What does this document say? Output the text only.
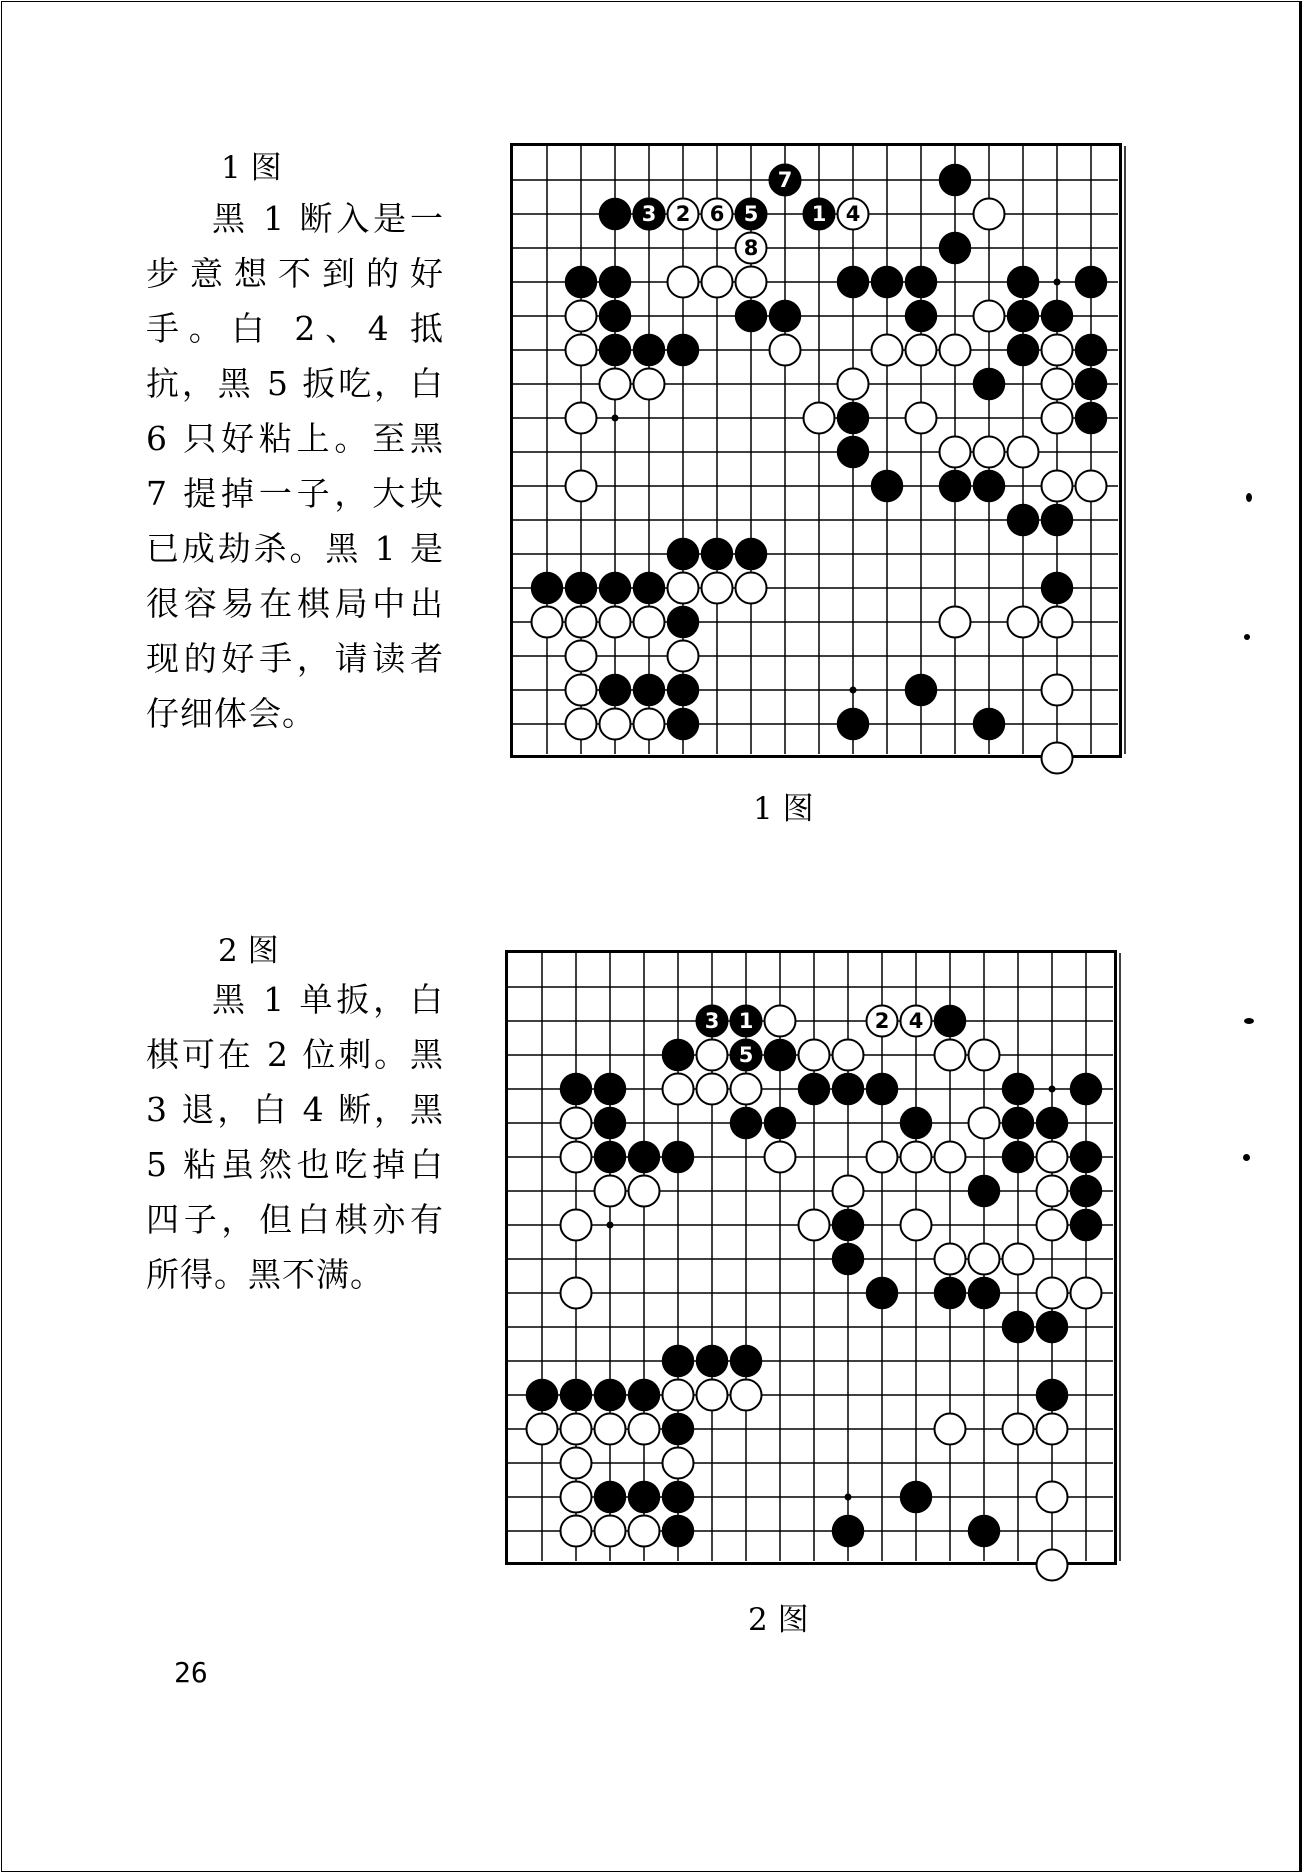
1 图
黑 1 断入是一步意想不到的好手。白 2、4 抵抗，黑 5 扳吃，白 6 只好粘上。至黑 7 提掉一子，大块已成劫杀。黑 1 是很容易在棋局中出现的好手，请读者仔细体会。
1
2
3	4
5
6
7
8
1 图
2 图
黑 1 单扳，白棋可在 2 位刺。黑 3 退，白 4 断，黑 5 粘虽然也吃掉白四子，但白棋亦有所得。黑不满。
1	2
3	4
5
2 图
26
